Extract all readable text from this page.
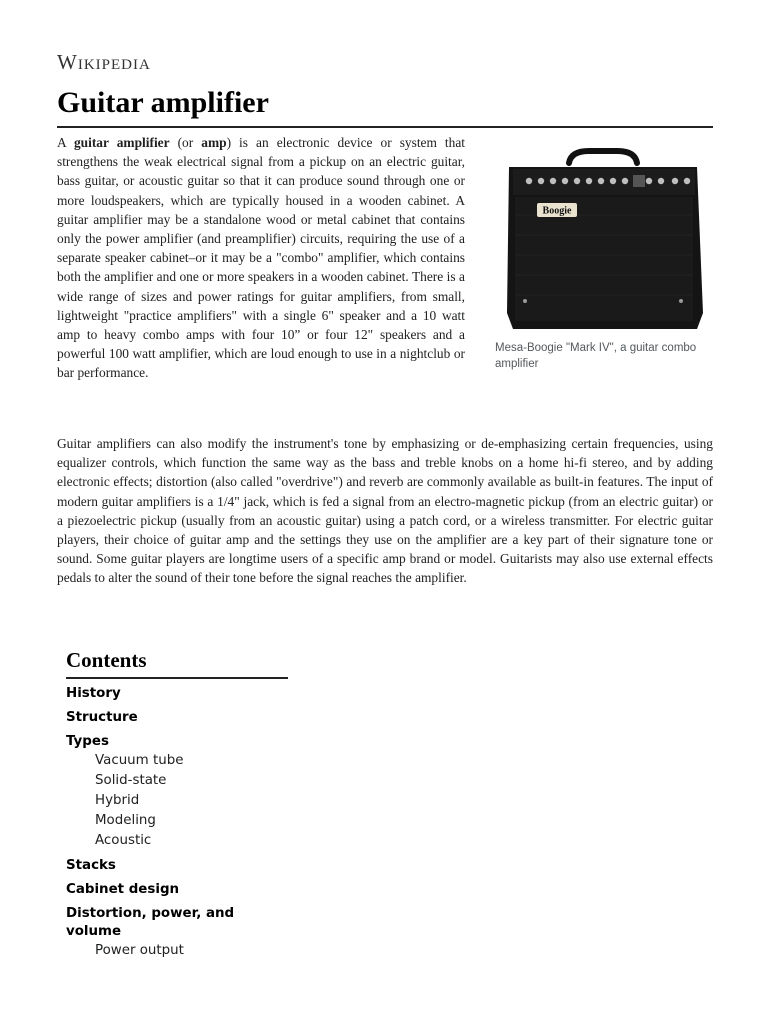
Wikipedia
Guitar amplifier

A guitar amplifier (or amp) is an electronic device or system that strengthens the weak electrical signal from a pickup on an electric guitar, bass guitar, or acoustic guitar so that it can produce sound through one or more loudspeakers, which are typically housed in a wooden cabinet. A guitar amplifier may be a standalone wood or metal cabinet that contains only the power amplifier (and preamplifier) circuits, requiring the use of a separate speaker cabinet–or it may be a "combo" amplifier, which contains both the amplifier and one or more speakers in a wooden cabinet. There is a wide range of sizes and power ratings for guitar amplifiers, from small, lightweight "practice amplifiers" with a single 6" speaker and a 10 watt amp to heavy combo amps with four 10” or four 12" speakers and a powerful 100 watt amplifier, which are loud enough to use in a nightclub or bar performance.

Boogie
Mesa-Boogie "Mark IV", a guitar combo amplifier

Guitar amplifiers can also modify the instrument's tone by emphasizing or de-emphasizing certain frequencies, using equalizer controls, which function the same way as the bass and treble knobs on a home hi-fi stereo, and by adding electronic effects; distortion (also called "overdrive") and reverb are commonly available as built-in features. The input of modern guitar amplifiers is a 1/4" jack, which is fed a signal from an electro-magnetic pickup (from an electric guitar) or a piezoelectric pickup (usually from an acoustic guitar) using a patch cord, or a wireless transmitter. For electric guitar players, their choice of guitar amp and the settings they use on the amplifier are a key part of their signature tone or sound. Some guitar players are longtime users of a specific amp brand or model. Guitarists may also use external effects pedals to alter the sound of their tone before the signal reaches the amplifier.

Contents
History
Structure
Types
Vacuum tube
Solid-state
Hybrid
Modeling
Acoustic
Stacks
Cabinet design
Distortion, power, and volume
Power output
